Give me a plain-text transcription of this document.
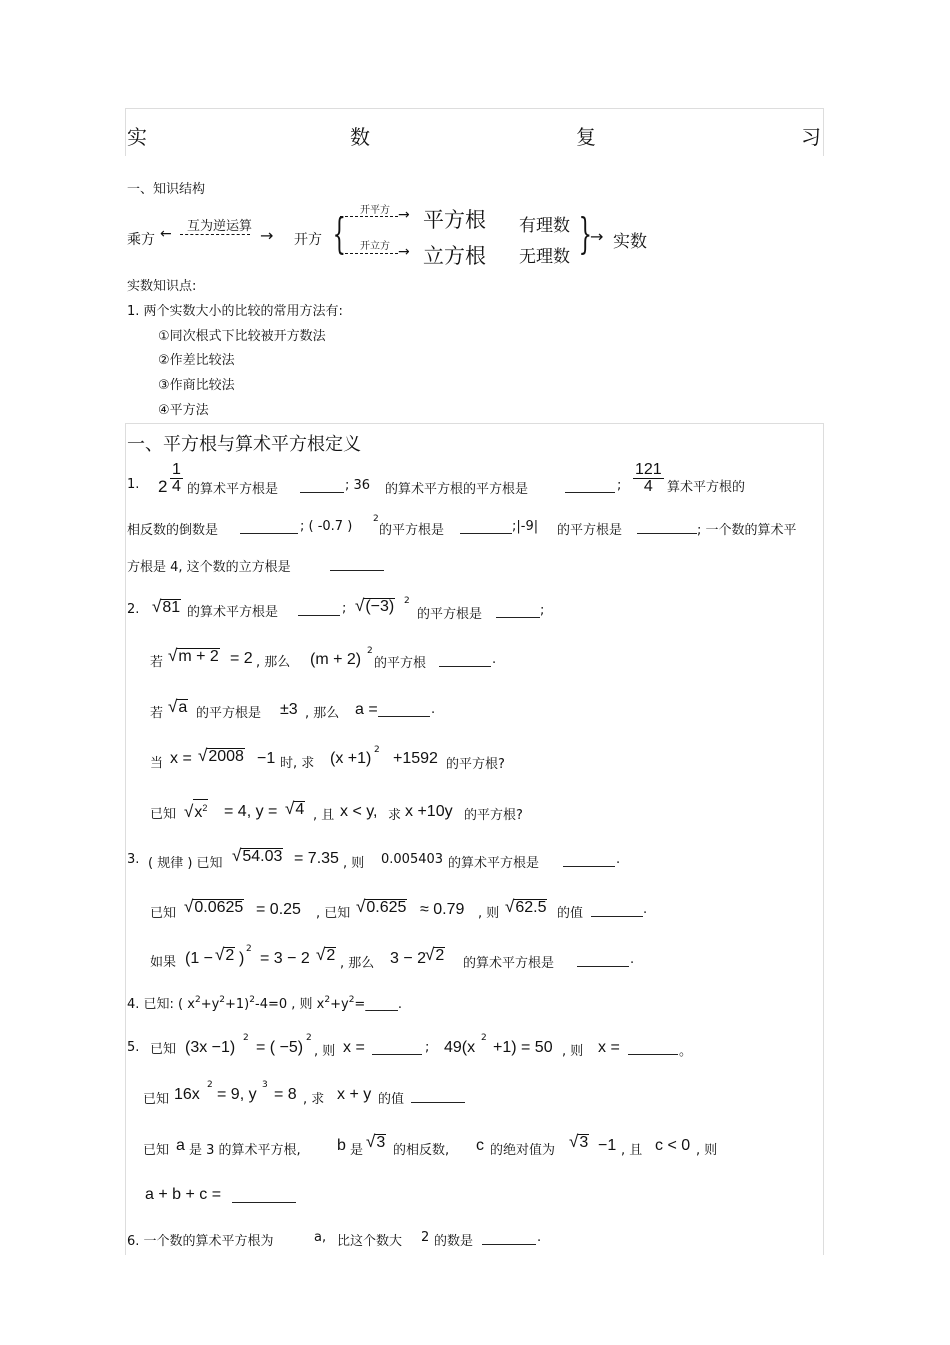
实	数	复	习
一、知识结构
乘方 ← 互为逆运算 → 开方 { 开平方 → 平方根
开立方 → 立方根
有理数
无理数 }
→ 实数
实数知识点:
1. 两个实数大小的比较的常用方法有:
①同次根式下比较被开方数法
②作差比较法
③作商比较法
④平方法
一、平方根与算术平方根定义
1. $2 \frac{1}{4}$ 的算术平方根是	; 36 的算术平方根的平方根是	; $\frac{121}{4}$ 算术平方根的
相反数的倒数是	; ( -0.7 ) 2
的平方根是	;|-9| 的平方根是	; 一个数的算术平
方根是 4, 这个数的立方根是
2. √81 的算术平方根是	; √(−3) 2
的平方根是	;
若 √m + 2 = 2 , 那么 (m + 2) 2
的平方根	.
若 √a 的平方根是 ±3 , 那么 a =	.
当 x = √2008 −1 时, 求 (x +1) 2 +1592 的平方根?
已知 $√x^2 = 4$, y = √4 , 且 x < y, 求 x +10y 的平方根?
3. ( 规律 ) 已知 √54.03 = 7.35 , 则 0.005403 的算术平方根是	.
已知 √0.0625 = 0.25 , 已知 √0.625 ≈ 0.79 , 则 √62.5 的值	.
如果 (1 − √2 )
2
= 3 − 2 √2 , 那么 3 − 2
√2 的算术平方根是	.
4. 已知: ( $x^2+y^2+1)^2-4=0$ , 则 $x^2+y^2=\_\_\_\_\_$.
5. 已知 (3x −1)
2
= ( −5)
2
, 则 x =	; 49(x
2
+1) = 50 , 则 x =	。
已知 16x
2
= 9, y
3
= 8 , 求 x + y 的值
已知 a 是 3 的算术平方根, b 是 √3 的相反数, c 的绝对值为 √3 −1 , 且 c < 0 , 则
a + b + c =
6. 一个数的算术平方根为	a, 比这个数大 2 的数是	.
